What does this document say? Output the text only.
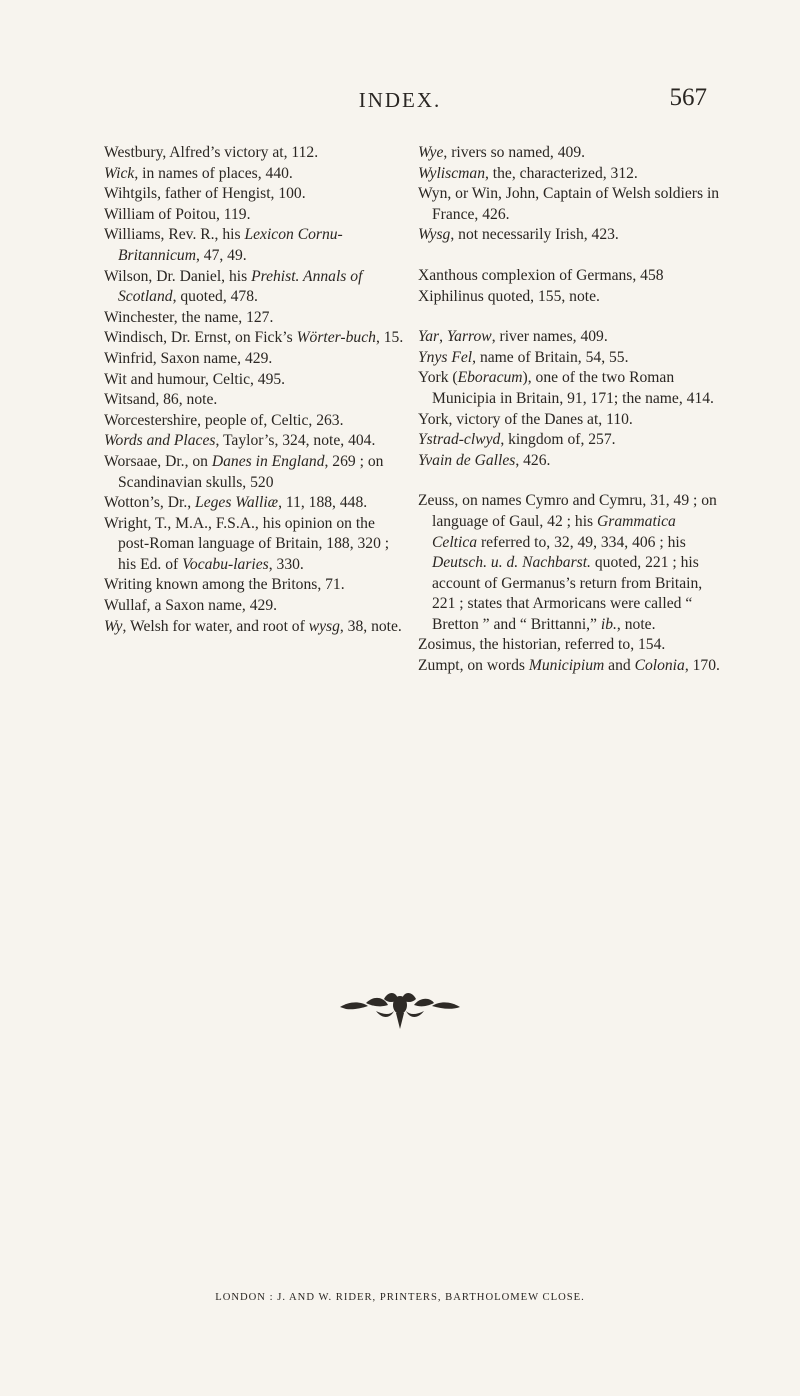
INDEX.	567
Westbury, Alfred’s victory at, 112.
Wick, in names of places, 440.
Wihtgils, father of Hengist, 100.
William of Poitou, 119.
Williams, Rev. R., his Lexicon Cornu-Britannicum, 47, 49.
Wilson, Dr. Daniel, his Prehist. Annals of Scotland, quoted, 478.
Winchester, the name, 127.
Windisch, Dr. Ernst, on Fick’s Wörter-buch, 15.
Winfrid, Saxon name, 429.
Wit and humour, Celtic, 495.
Witsand, 86, note.
Worcestershire, people of, Celtic, 263.
Words and Places, Taylor’s, 324, note, 404.
Worsaae, Dr., on Danes in England, 269 ; on Scandinavian skulls, 520
Wotton’s, Dr., Leges Walliæ, 11, 188, 448.
Wright, T., M.A., F.S.A., his opinion on the post-Roman language of Britain, 188, 320 ; his Ed. of Vocabu-laries, 330.
Writing known among the Britons, 71.
Wullaf, a Saxon name, 429.
Wy, Welsh for water, and root of wysg, 38, note.
Wye, rivers so named, 409.
Wyliscman, the, characterized, 312.
Wyn, or Win, John, Captain of Welsh soldiers in France, 426.
Wysg, not necessarily Irish, 423.
Xanthous complexion of Germans, 458
Xiphilinus quoted, 155, note.
Yar, Yarrow, river names, 409.
Ynys Fel, name of Britain, 54, 55.
York (Eboracum), one of the two Roman Municipia in Britain, 91, 171; the name, 414.
York, victory of the Danes at, 110.
Ystrad-clwyd, kingdom of, 257.
Yvain de Galles, 426.
Zeuss, on names Cymro and Cymru, 31, 49 ; on language of Gaul, 42 ; his Grammatica Celtica referred to, 32, 49, 334, 406 ; his Deutsch. u. d. Nachbarst. quoted, 221 ; his account of Germanus’s return from Britain, 221 ; states that Armoricans were called “ Bretton ” and “ Brittanni,” ib., note.
Zosimus, the historian, referred to, 154.
Zumpt, on words Municipium and Colonia, 170.
LONDON : J. AND W. RIDER, PRINTERS, BARTHOLOMEW CLOSE.
